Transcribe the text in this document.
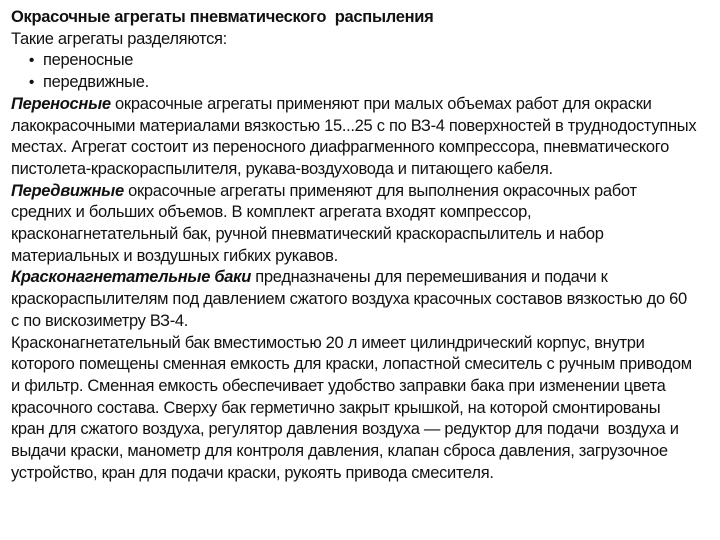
Окрасочные агрегаты пневматического  распыления
Такие агрегаты разделяются:
• переносные
• передвижные.
Переносные окрасочные агрегаты применяют при малых объемах работ для окраски
лакокрасочными материалами вязкостью 15...25 с по ВЗ-4 поверхностей в труднодоступных
местах. Агрегат состоит из переносного диафрагменного компрессора, пневматического
пистолета-краскораспылителя, рукава-воздуховода и питающего кабеля.
Передвижные окрасочные агрегаты применяют для выполнения окрасочных работ
средних и больших объемов. В комплект агрегата входят компрессор,
красконагнетательный бак, ручной пневматический краскораспылитель и набор
материальных и воздушных гибких рукавов.
Красконагнетательные баки предназначены для перемешивания и подачи к
краскораспылителям под давлением сжатого воздуха красочных составов вязкостью до 60
с по вискозиметру ВЗ-4.
Красконагнетательный бак вместимостью 20 л имеет цилиндрический корпус, внутри
которого помещены сменная емкость для краски, лопастной смеситель с ручным приводом
и фильтр. Сменная емкость обеспечивает удобство заправки бака при изменении цвета
красочного состава. Сверху бак герметично закрыт крышкой, на которой смонтированы
кран для сжатого воздуха, регулятор давления воздуха — редуктор для подачи  воздуха и
выдачи краски, манометр для контроля давления, клапан сброса давления, загрузочное
устройство, кран для подачи краски, рукоять привода смесителя.
